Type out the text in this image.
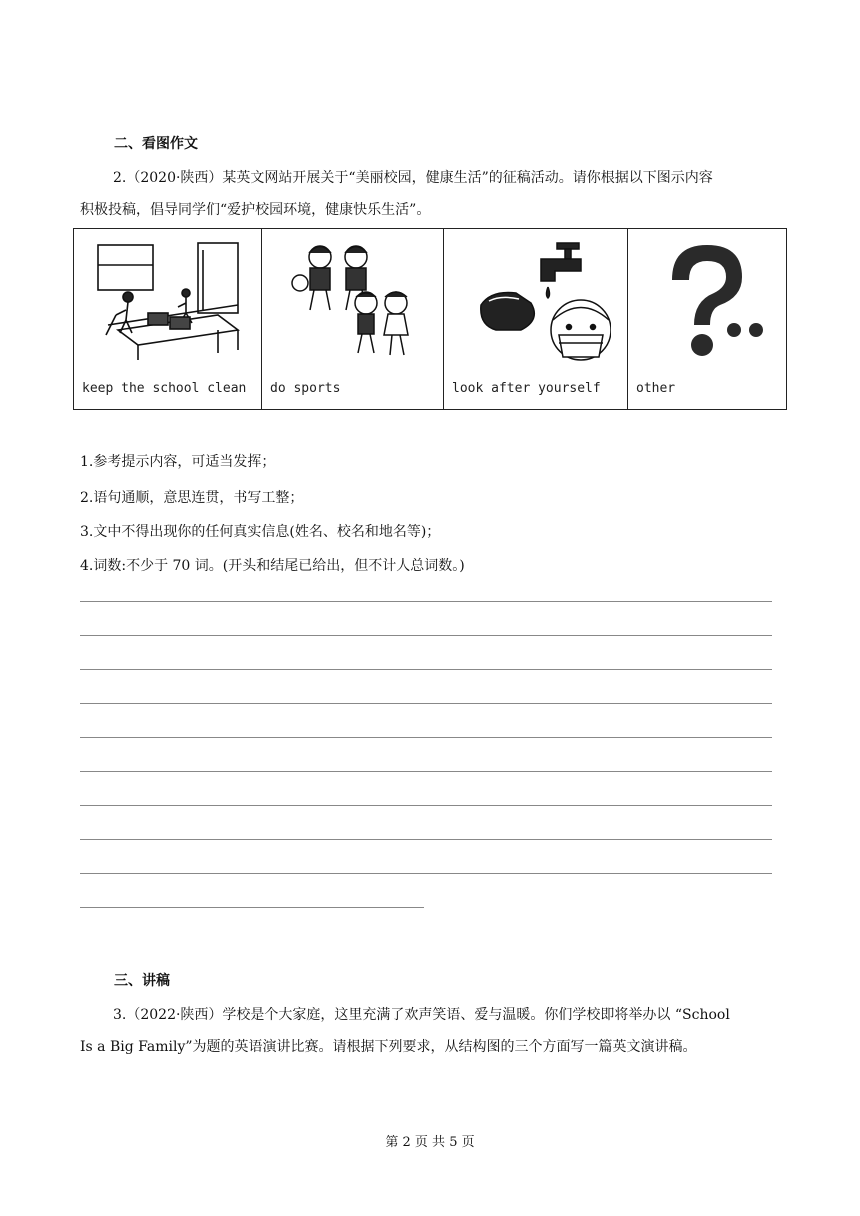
二、看图作文
2.（2020·陕西）某英文网站开展关于“美丽校园，健康生活”的征稿活动。请你根据以下图示内容
积极投稿，倡导同学们“爱护校园环境，健康快乐生活”。
keep the school clean	do sports	look after yourself	other
1.参考提示内容，可适当发挥；
2.语句通顺，意思连贯，书写工整；
3.文中不得出现你的任何真实信息(姓名、校名和地名等)；
4.词数:不少于 70 词。(开头和结尾已给出，但不计人总词数。)
三、讲稿
3.（2022·陕西）学校是个大家庭，这里充满了欢声笑语、爱与温暖。你们学校即将举办以 “School
Is a Big Family”为题的英语演讲比赛。请根据下列要求，从结构图的三个方面写一篇英文演讲稿。
第 2 页 共 5 页
